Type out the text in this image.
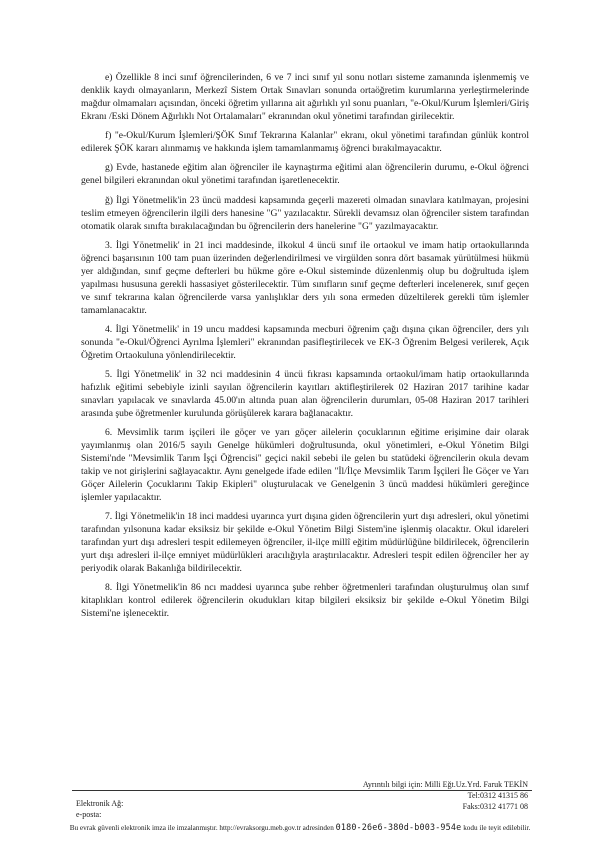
e) Özellikle 8 inci sınıf öğrencilerinden, 6 ve 7 inci sınıf yıl sonu notları sisteme zamanında işlenmemiş ve denklik kaydı olmayanların, Merkezî Sistem Ortak Sınavları sonunda ortaöğretim kurumlarına yerleştirmelerinde mağdur olmamaları açısından, önceki öğretim yıllarına ait ağırlıklı yıl sonu puanları, "e-Okul/Kurum İşlemleri/Giriş Ekranı /Eski Dönem Ağırlıklı Not Ortalamaları" ekranından okul yönetimi tarafından girilecektir.

f) "e-Okul/Kurum İşlemleri/ŞÖK Sınıf Tekrarına Kalanlar" ekranı, okul yönetimi tarafından günlük kontrol edilerek ŞÖK kararı alınmamış ve hakkında işlem tamamlanmamış öğrenci bırakılmayacaktır.

g) Evde, hastanede eğitim alan öğrenciler ile kaynaştırma eğitimi alan öğrencilerin durumu, e-Okul öğrenci genel bilgileri ekranından okul yönetimi tarafından işaretlenecektir.

ğ) İlgi Yönetmelik'in 23 üncü maddesi kapsamında geçerli mazereti olmadan sınavlara katılmayan, projesini teslim etmeyen öğrencilerin ilgili ders hanesine "G" yazılacaktır. Sürekli devamsız olan öğrenciler sistem tarafından otomatik olarak sınıfta bırakılacağından bu öğrencilerin ders hanelerine "G" yazılmayacaktır.

3. İlgi Yönetmelik' in 21 inci maddesinde, ilkokul 4 üncü sınıf ile ortaokul ve imam hatip ortaokullarında öğrenci başarısının 100 tam puan üzerinden değerlendirilmesi ve virgülden sonra dört basamak yürütülmesi hükmü yer aldığından, sınıf geçme defterleri bu hükme göre e-Okul sisteminde düzenlenmiş olup bu doğrultuda işlem yapılması hususuna gerekli hassasiyet gösterilecektir. Tüm sınıfların sınıf geçme defterleri incelenerek, sınıf geçen ve sınıf tekrarına kalan öğrencilerde varsa yanlışlıklar ders yılı sona ermeden düzeltilerek gerekli tüm işlemler tamamlanacaktır.

4. İlgi Yönetmelik' in 19 uncu maddesi kapsamında mecburi öğrenim çağı dışına çıkan öğrenciler, ders yılı sonunda "e-Okul/Öğrenci Ayrılma İşlemleri" ekranından pasifleştirilecek ve EK-3 Öğrenim Belgesi verilerek, Açık Öğretim Ortaokuluna yönlendirilecektir.

5. İlgi Yönetmelik' in 32 nci maddesinin 4 üncü fıkrası kapsamında ortaokul/imam hatip ortaokullarında hafızlık eğitimi sebebiyle izinli sayılan öğrencilerin kayıtları aktifleştirilerek 02 Haziran 2017 tarihine kadar sınavları yapılacak ve sınavlarda 45.00'ın altında puan alan öğrencilerin durumları, 05-08 Haziran 2017 tarihleri arasında şube öğretmenler kurulunda görüşülerek karara bağlanacaktır.

6. Mevsimlik tarım işçileri ile göçer ve yarı göçer ailelerin çocuklarının eğitime erişimine dair olarak yayımlanmış olan 2016/5 sayılı Genelge hükümleri doğrultusunda, okul yönetimleri, e-Okul Yönetim Bilgi Sistemi'nde "Mevsimlik Tarım İşçi Öğrencisi" geçici nakil sebebi ile gelen bu statüdeki öğrencilerin okula devam takip ve not girişlerini sağlayacaktır. Aynı genelgede ifade edilen "İl/İlçe Mevsimlik Tarım İşçileri İle Göçer ve Yarı Göçer Ailelerin Çocuklarını Takip Ekipleri" oluşturulacak ve Genelgenin 3 üncü maddesi hükümleri gereğince işlemler yapılacaktır.

7. İlgi Yönetmelik'in 18 inci maddesi uyarınca yurt dışına giden öğrencilerin yurt dışı adresleri, okul yönetimi tarafından yılsonuna kadar eksiksiz bir şekilde e-Okul Yönetim Bilgi Sistem'ine işlenmiş olacaktır. Okul idareleri tarafından yurt dışı adresleri tespit edilemeyen öğrenciler, il-ilçe millî eğitim müdürlüğüne bildirilecek, öğrencilerin yurt dışı adresleri il-ilçe emniyet müdürlükleri aracılığıyla araştırılacaktır. Adresleri tespit edilen öğrenciler her ay periyodik olarak Bakanlığa bildirilecektir.

8. İlgi Yönetmelik'in 86 ncı maddesi uyarınca şube rehber öğretmenleri tarafından oluşturulmuş olan sınıf kitaplıkları kontrol edilerek öğrencilerin okudukları kitap bilgileri eksiksiz bir şekilde e-Okul Yönetim Bilgi Sistemi'ne işlenecektir.

Ayrıntılı bilgi için: Milli Eğt.Uz.Yrd. Faruk TEKİN
Tel:0312 41315 86
Faks:0312 41771 08
Elektronik Ağ:
e-posta:
Bu evrak güvenli elektronik imza ile imzalanmıştır. http://evraksorgu.meb.gov.tr adresinden 0180-26e6-380d-b003-954e kodu ile teyit edilebilir.
